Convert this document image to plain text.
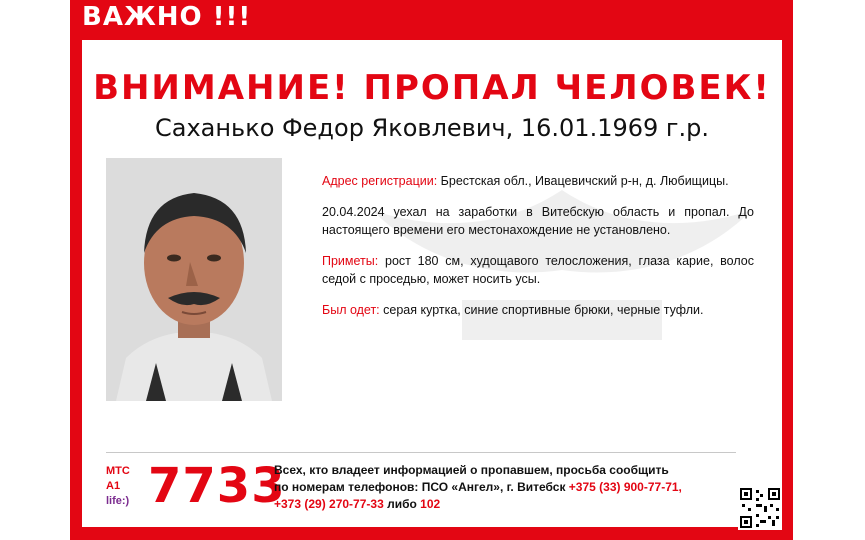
ВАЖНО !!!
ВНИМАНИЕ! ПРОПАЛ ЧЕЛОВЕК!
Саханько Федор Яковлевич, 16.01.1969 г.р.

Адрес регистрации: Брестская обл., Ивацевичский р-н, д. Любищицы.

20.04.2024 уехал на заработки в Витебскую область и пропал. До настоящего времени его местонахождение не установлено.

Приметы: рост 180 см, худощавого телосложения, глаза карие, волос седой с проседью, может носить усы.

Был одет: серая куртка, синие спортивные брюки, черные туфли.

МТС
A1
life:) 7733
Всех, кто владеет информацией о пропавшем, просьба сообщить
по номерам телефонов: ПСО «Ангел», г. Витебск +375 (33) 900-77-71,
+373 (29) 270-77-33 либо 102
